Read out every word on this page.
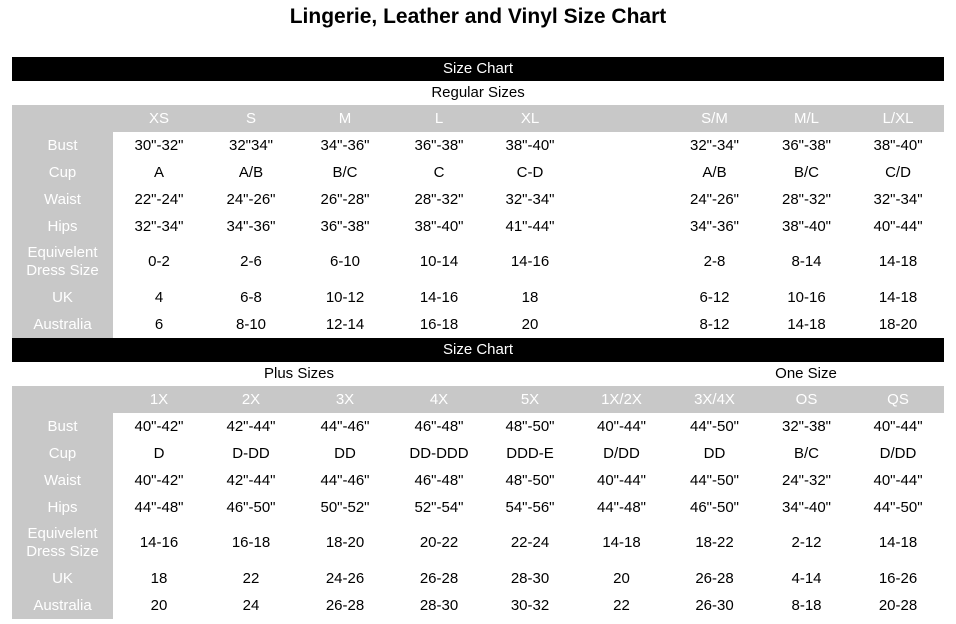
Lingerie, Leather and Vinyl Size Chart
Size Chart									
Regular Sizes									
	XS	S	M	L	XL		S/M	M/L	L/XL
Bust	30"-32"	32"34"	34"-36"	36"-38"	38"-40"		32"-34"	36"-38"	38"-40"
Cup	A	A/B	B/C	C	C-D		A/B	B/C	C/D
Waist	22"-24"	24"-26"	26"-28"	28"-32"	32"-34"		24"-26"	28"-32"	32"-34"
Hips	32"-34"	34"-36"	36"-38"	38"-40"	41"-44"		34"-36"	38"-40"	40"-44"
Equivelent Dress Size	0-2	2-6	6-10	10-14	14-16		2-8	8-14	14-18
UK	4	6-8	10-12	14-16	18		6-12	10-16	14-18
Australia	6	8-10	12-14	16-18	20		8-12	14-18	18-20
Size Chart									
		Plus Sizes					One Size		
	1X	2X	3X	4X	5X	1X/2X	3X/4X	OS	QS
Bust	40"-42"	42"-44"	44"-46"	46"-48"	48"-50"	40"-44"	44"-50"	32"-38"	40"-44"
Cup	D	D-DD	DD	DD-DDD	DDD-E	D/DD	DD	B/C	D/DD
Waist	40"-42"	42"-44"	44"-46"	46"-48"	48"-50"	40"-44"	44"-50"	24"-32"	40"-44"
Hips	44"-48"	46"-50"	50"-52"	52"-54"	54"-56"	44"-48"	46"-50"	34"-40"	44"-50"
Equivelent Dress Size	14-16	16-18	18-20	20-22	22-24	14-18	18-22	2-12	14-18
UK	18	22	24-26	26-28	28-30	20	26-28	4-14	16-26
Australia	20	24	26-28	28-30	30-32	22	26-30	8-18	20-28
